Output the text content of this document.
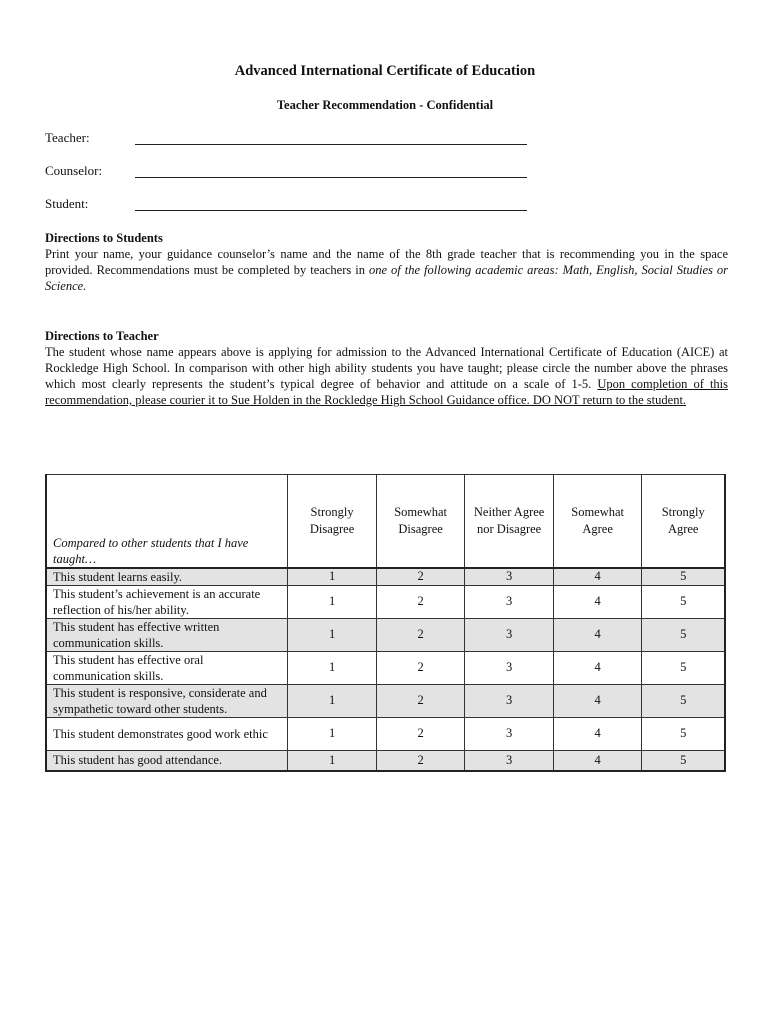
Advanced International Certificate of Education
Teacher Recommendation - Confidential
Teacher:
Counselor:
Student:
Directions to Students
Print your name, your guidance counselor’s name and the name of the 8th grade teacher that is recommending you in the space provided. Recommendations must be completed by teachers in one of the following academic areas: Math, English, Social Studies or Science.
Directions to Teacher
The student whose name appears above is applying for admission to the Advanced International Certificate of Education (AICE) at Rockledge High School. In comparison with other high ability students you have taught; please circle the number above the phrases which most clearly represents the student’s typical degree of behavior and attitude on a scale of 1-5. Upon completion of this recommendation, please courier it to Sue Holden in the Rockledge High School Guidance office. DO NOT return to the student.
Compared to other students that I have taught…	Strongly Disagree	Somewhat Disagree	Neither Agree nor Disagree	Somewhat Agree	Strongly Agree
This student learns easily.	1	2	3	4	5
This student’s achievement is an accurate reflection of his/her ability.	1	2	3	4	5
This student has effective written communication skills.	1	2	3	4	5
This student has effective oral communication skills.	1	2	3	4	5
This student is responsive, considerate and sympathetic toward other students.	1	2	3	4	5
This student demonstrates good work ethic	1	2	3	4	5
This student has good attendance.	1	2	3	4	5
